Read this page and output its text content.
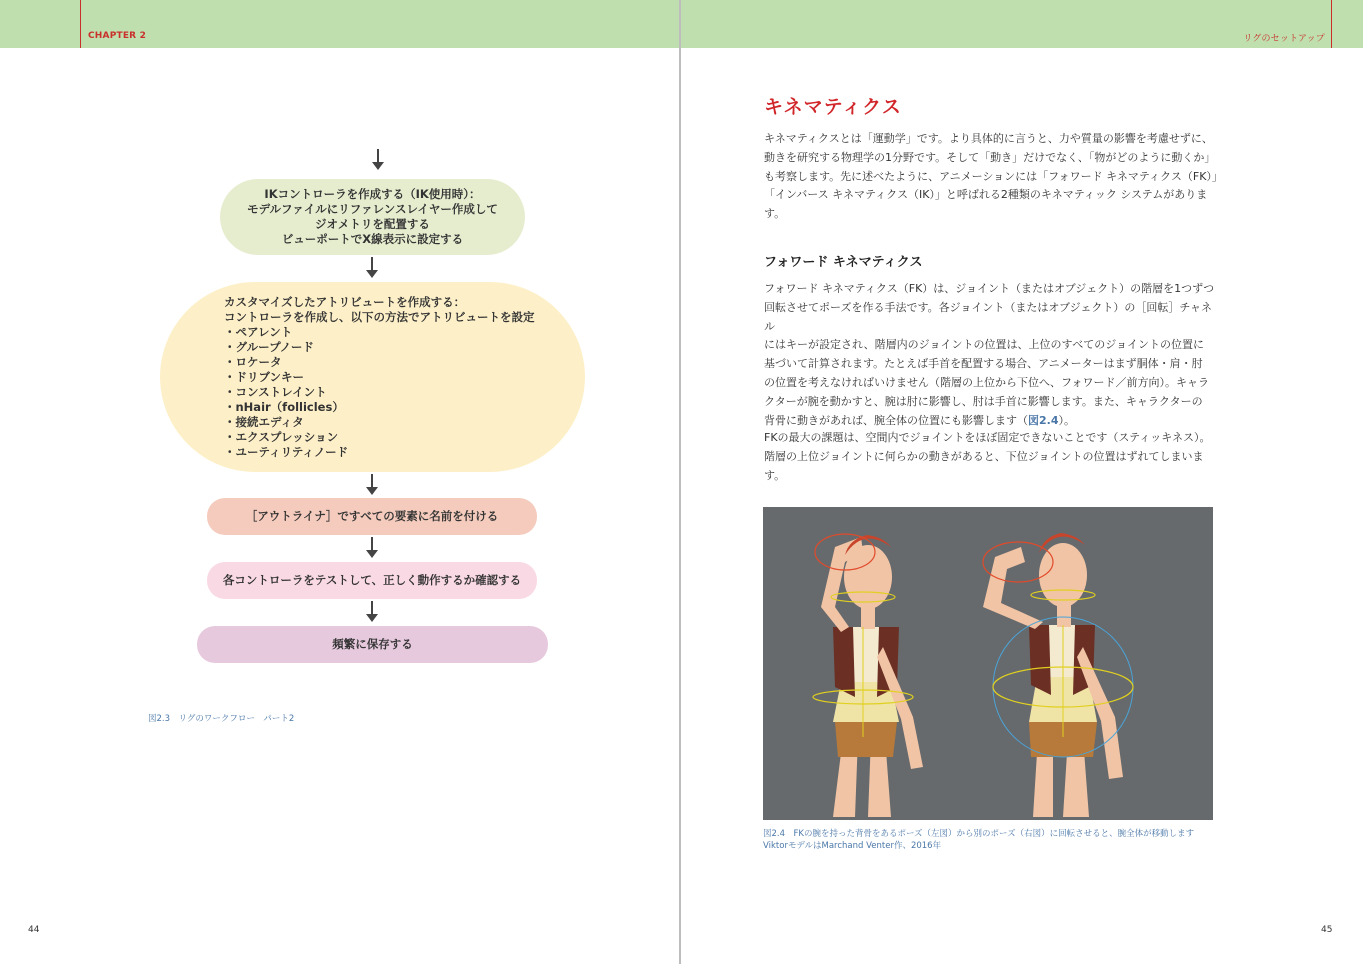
CHAPTER 2
IKコントローラを作成する（IK使用時）：
モデルファイルにリファレンスレイヤー作成して
ジオメトリを配置する
ビューポートでX線表示に設定する
カスタマイズしたアトリビュートを作成する：
コントローラを作成し、以下の方法でアトリビュートを設定
・ペアレント
・グループノード
・ロケータ
・ドリブンキー
・コンストレイント
・nHair（follicles）
・接続エディタ
・エクスプレッション
・ユーティリティノード
［アウトライナ］ですべての要素に名前を付ける
各コントローラをテストして、正しく動作するか確認する
頻繁に保存する
図2.3　リグのワークフロー　パート2
44
リグのセットアップ
45
キネマティクス

キネマティクスとは「運動学」です。より具体的に言うと、力や質量の影響を考慮せずに、

動きを研究する物理学の1分野です。そして「動き」だけでなく、「物がどのように動くか」

も考察します。先に述べたように、アニメーションには「フォワード キネマティクス（FK）」

「インバース キネマティクス（IK）」と呼ばれる2種類のキネマティック システムがありま

す。

フォワード キネマティクス

フォワード キネマティクス（FK）は、ジョイント（またはオブジェクト）の階層を1つずつ

回転させてポーズを作る手法です。各ジョイント（またはオブジェクト）の［回転］チャネル

にはキーが設定され、階層内のジョイントの位置は、上位のすべてのジョイントの位置に

基づいて計算されます。たとえば手首を配置する場合、アニメーターはまず胴体・肩・肘

の位置を考えなければいけません（階層の上位から下位へ、フォワード／前方向）。キャラ

クターが腕を動かすと、腕は肘に影響し、肘は手首に影響します。また、キャラクターの

背骨に動きがあれば、腕全体の位置にも影響します（図2.4）。

FKの最大の課題は、空間内でジョイントをほぼ固定できないことです（スティッキネス）。

階層の上位ジョイントに何らかの動きがあると、下位ジョイントの位置はずれてしまいま

す。

図2.4　FKの腕を持った背骨をあるポーズ（左図）から別のポーズ（右図）に回転させると、腕全体が移動します
ViktorモデルはMarchand Venter作、2016年
